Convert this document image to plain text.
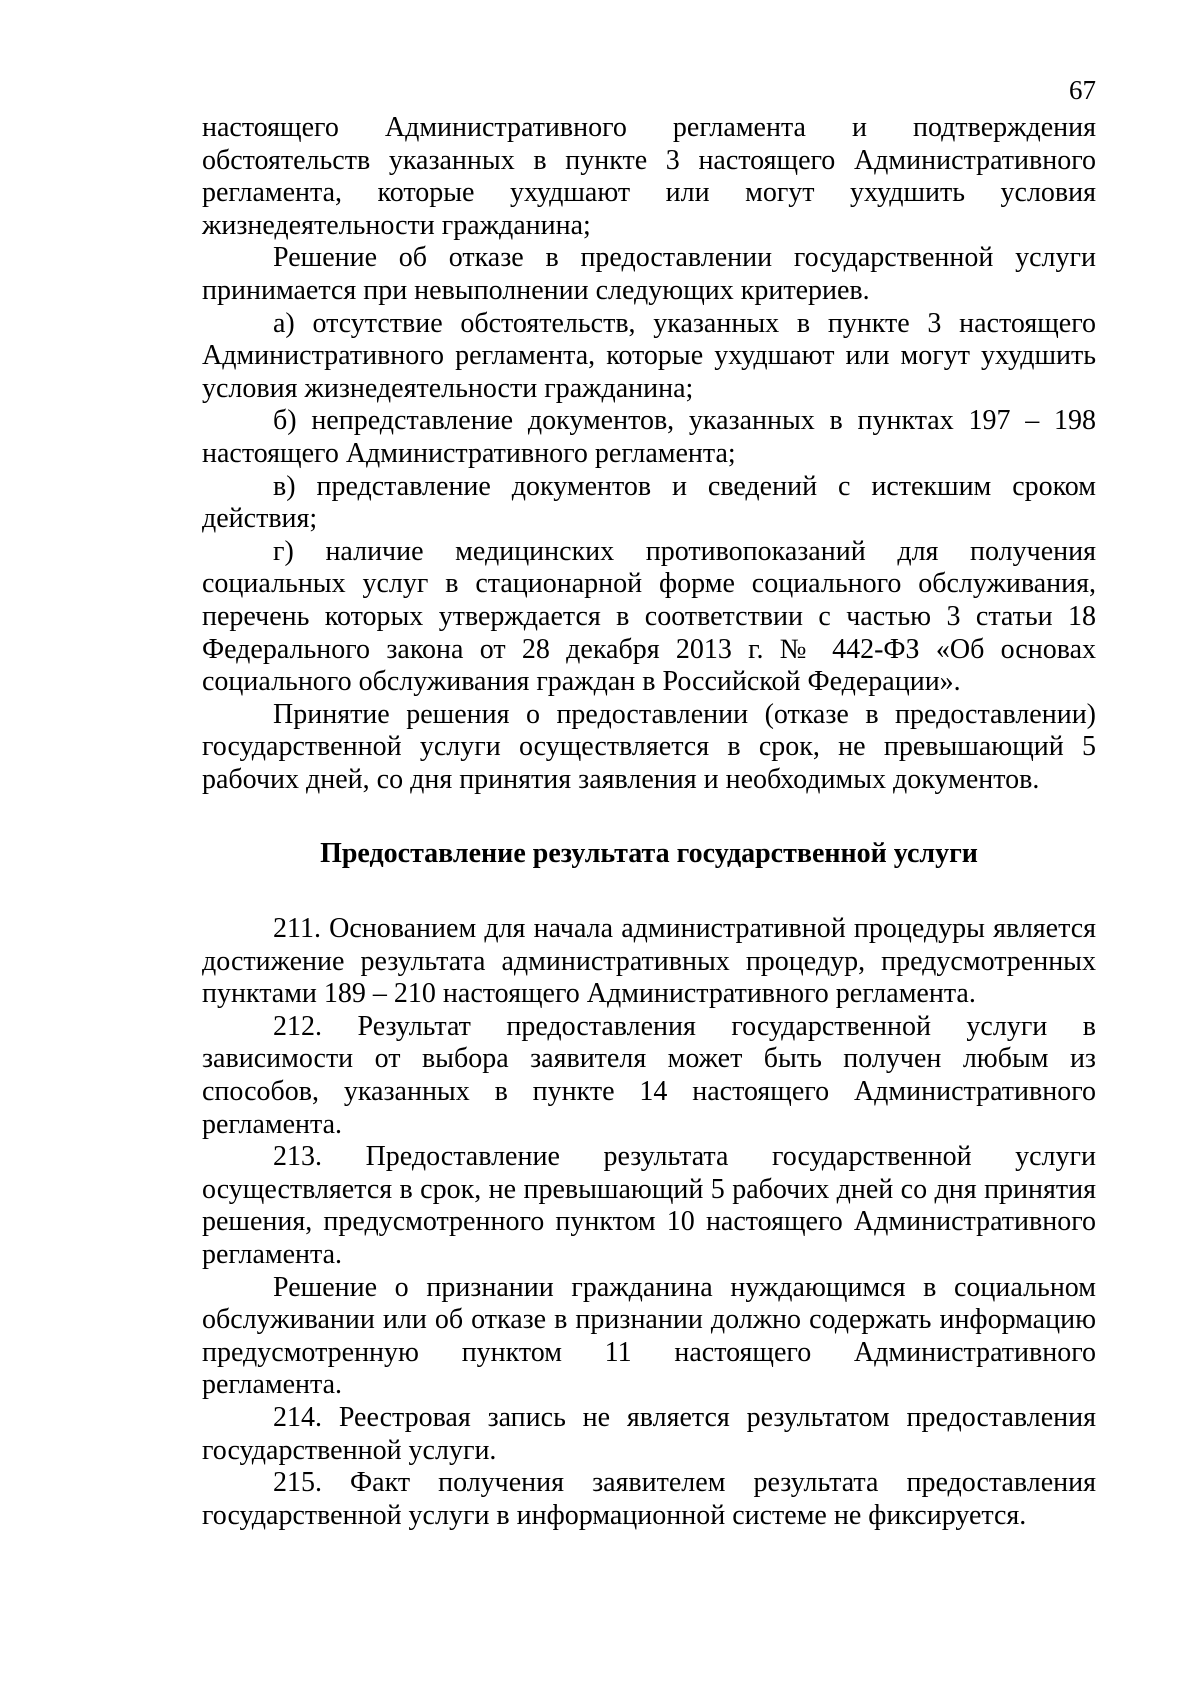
67

настоящего Административного регламента и подтверждения обстоятельств указанных в пункте 3 настоящего Административного регламента, которые ухудшают или могут ухудшить условия жизнедеятельности гражданина;

Решение об отказе в предоставлении государственной услуги принимается при невыполнении следующих критериев.

а) отсутствие обстоятельств, указанных в пункте 3 настоящего Административного регламента, которые ухудшают или могут ухудшить условия жизнедеятельности гражданина;

б) непредставление документов, указанных в пунктах 197 – 198 настоящего Административного регламента;

в) представление документов и сведений с истекшим сроком действия;

г) наличие медицинских противопоказаний для получения социальных услуг в стационарной форме социального обслуживания, перечень которых утверждается в соответствии с частью 3 статьи 18 Федерального закона от 28 декабря 2013 г. № 442-ФЗ «Об основах социального обслуживания граждан в Российской Федерации».

Принятие решения о предоставлении (отказе в предоставлении) государственной услуги осуществляется в срок, не превышающий 5 рабочих дней, со дня принятия заявления и необходимых документов.

Предоставление результата государственной услуги

211. Основанием для начала административной процедуры является достижение результата административных процедур, предусмотренных пунктами 189 – 210 настоящего Административного регламента.

212. Результат предоставления государственной услуги в зависимости от выбора заявителя может быть получен любым из способов, указанных в пункте 14 настоящего Административного регламента.

213. Предоставление результата государственной услуги осуществляется в срок, не превышающий 5 рабочих дней со дня принятия решения, предусмотренного пунктом 10 настоящего Административного регламента.

Решение о признании гражданина нуждающимся в социальном обслуживании или об отказе в признании должно содержать информацию предусмотренную пунктом 11 настоящего Административного регламента.

214. Реестровая запись не является результатом предоставления государственной услуги.

215. Факт получения заявителем результата предоставления государственной услуги в информационной системе не фиксируется.
